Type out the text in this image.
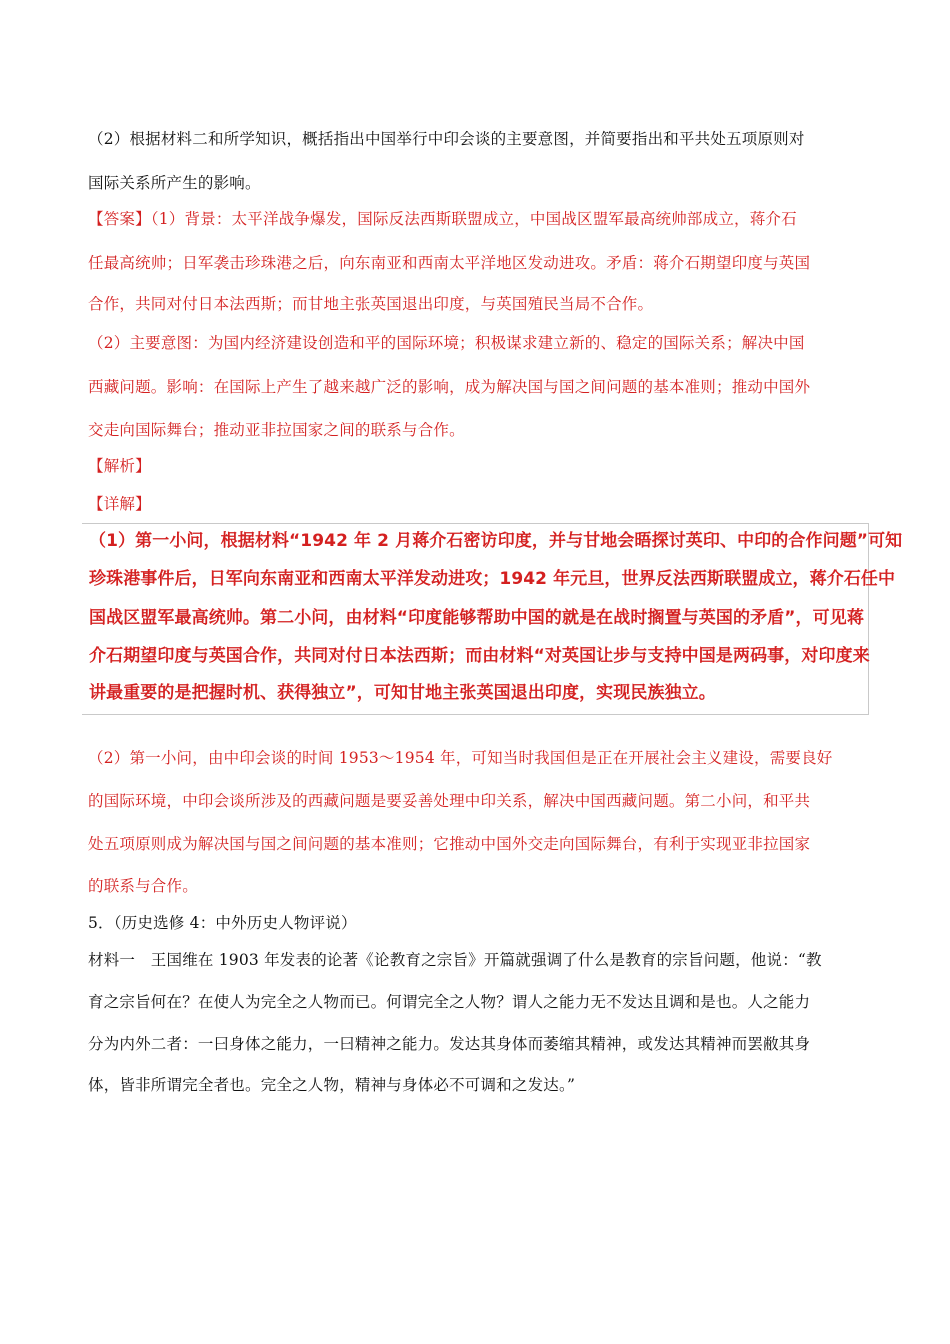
（2）根据材料二和所学知识，概括指出中国举行中印会谈的主要意图，并简要指出和平共处五项原则对
国际关系所产生的影响。
【答案】（1）背景：太平洋战争爆发，国际反法西斯联盟成立，中国战区盟军最高统帅部成立，蒋介石
任最高统帅；日军袭击珍珠港之后，向东南亚和西南太平洋地区发动进攻。矛盾：蒋介石期望印度与英国
合作，共同对付日本法西斯；而甘地主张英国退出印度，与英国殖民当局不合作。
（2）主要意图：为国内经济建设创造和平的国际环境；积极谋求建立新的、稳定的国际关系；解决中国
西藏问题。影响：在国际上产生了越来越广泛的影响，成为解决国与国之间问题的基本准则；推动中国外
交走向国际舞台；推动亚非拉国家之间的联系与合作。
【解析】
【详解】
（1）第一小问，根据材料“1942 年 2 月蒋介石密访印度，并与甘地会晤探讨英印、中印的合作问题”可知
珍珠港事件后，日军向东南亚和西南太平洋发动进攻；1942 年元旦，世界反法西斯联盟成立，蒋介石任中
国战区盟军最高统帅。第二小问，由材料“印度能够帮助中国的就是在战时搁置与英国的矛盾”，可见蒋
介石期望印度与英国合作，共同对付日本法西斯；而由材料“对英国让步与支持中国是两码事，对印度来
讲最重要的是把握时机、获得独立”，可知甘地主张英国退出印度，实现民族独立。
（2）第一小问，由中印会谈的时间 1953～1954 年，可知当时我国但是正在开展社会主义建设，需要良好
的国际环境，中印会谈所涉及的西藏问题是要妥善处理中印关系，解决中国西藏问题。第二小问，和平共
处五项原则成为解决国与国之间问题的基本准则；它推动中国外交走向国际舞台，有利于实现亚非拉国家
的联系与合作。
5．（历史选修 4：中外历史人物评说）
材料一　王国维在 1903 年发表的论著《论教育之宗旨》开篇就强调了什么是教育的宗旨问题，他说：“教
育之宗旨何在？在使人为完全之人物而已。何谓完全之人物？谓人之能力无不发达且调和是也。人之能力
分为内外二者：一曰身体之能力，一曰精神之能力。发达其身体而萎缩其精神，或发达其精神而罢敝其身
体，皆非所谓完全者也。完全之人物，精神与身体必不可调和之发达。”
